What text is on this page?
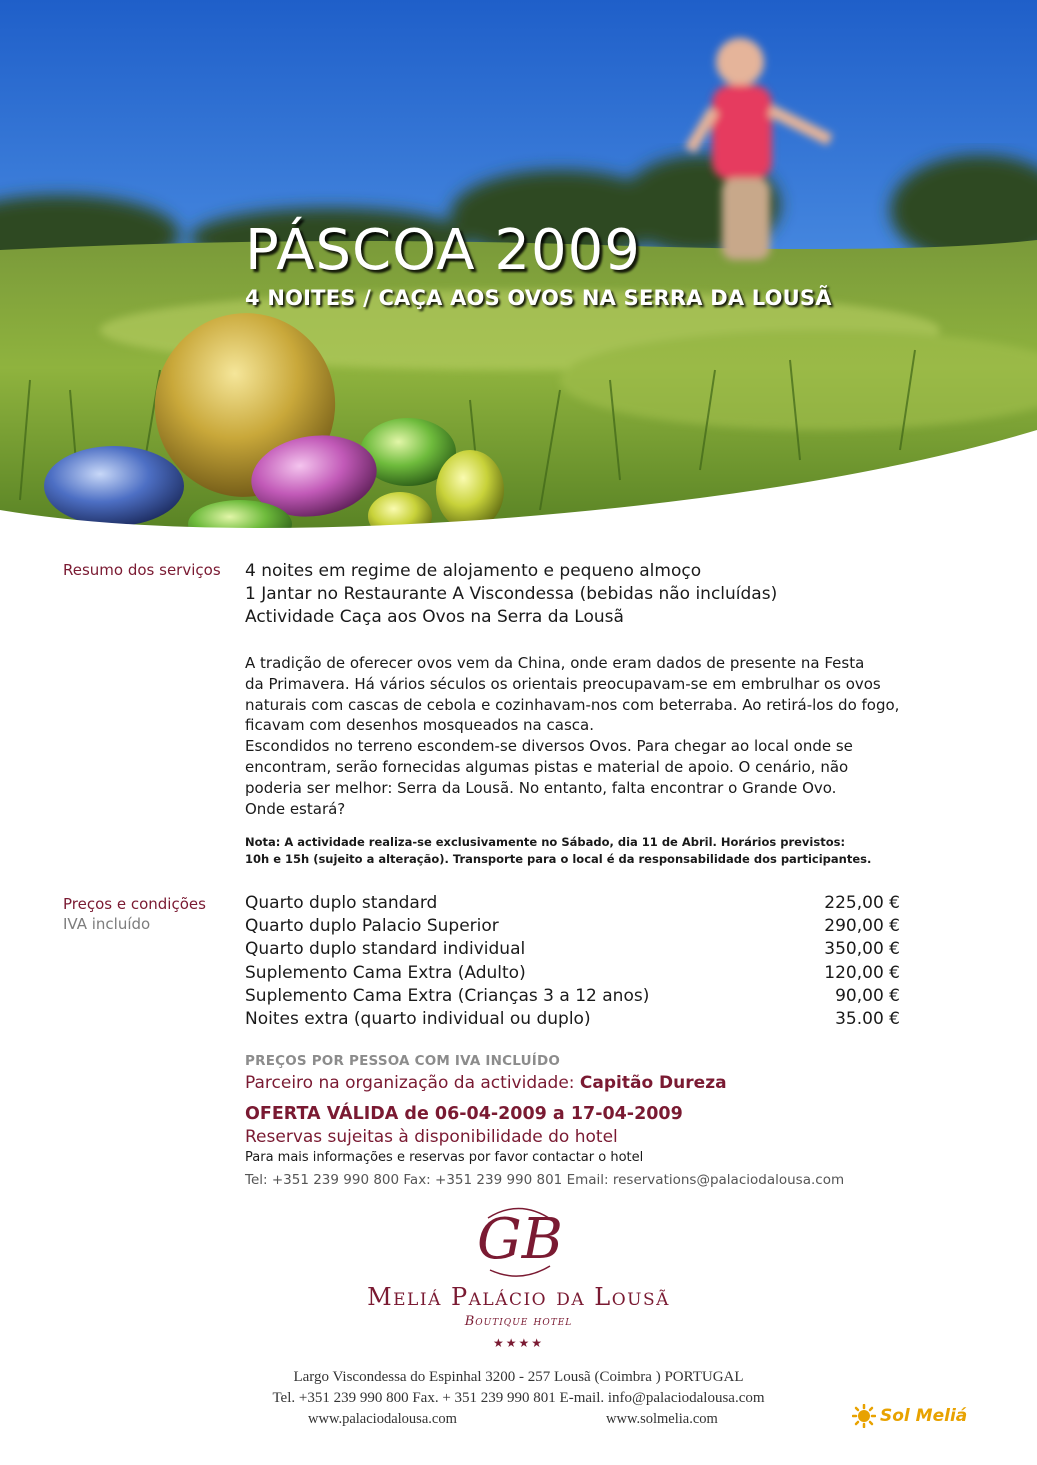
PÁSCOA 2009
4 NOITES / CAÇA AOS OVOS NA SERRA DA LOUSÃ
Resumo dos serviços 4 noites em regime de alojamento e pequeno almoço
1 Jantar no Restaurante A Viscondessa (bebidas não incluídas)
Actividade Caça aos Ovos na Serra da Lousã
A tradição de oferecer ovos vem da China, onde eram dados de presente na Festa
da Primavera. Há vários séculos os orientais preocupavam-se em embrulhar os ovos
naturais com cascas de cebola e cozinhavam-nos com beterraba. Ao retirá-los do fogo,
ficavam com desenhos mosqueados na casca.
Escondidos no terreno escondem-se diversos Ovos. Para chegar ao local onde se
encontram, serão fornecidas algumas pistas e material de apoio. O cenário, não
poderia ser melhor: Serra da Lousã. No entanto, falta encontrar o Grande Ovo.
Onde estará?
Nota: A actividade realiza-se exclusivamente no Sábado, dia 11 de Abril. Horários previstos:
10h e 15h (sujeito a alteração). Transporte para o local é da responsabilidade dos participantes.
Preços e condições
IVA incluído
Quarto duplo standard	225,00 €
Quarto duplo Palacio Superior	290,00 €
Quarto duplo standard individual	350,00 €
Suplemento Cama Extra (Adulto)	120,00 €
Suplemento Cama Extra (Crianças 3 a 12 anos)	90,00 €
Noites extra (quarto individual ou duplo)	35.00 €
PREÇOS POR PESSOA COM IVA INCLUÍDO
Parceiro na organização da actividade: Capitão Dureza
OFERTA VÁLIDA de 06-04-2009 a 17-04-2009
Reservas sujeitas à disponibilidade do hotel
Para mais informações e reservas por favor contactar o hotel
Tel: +351 239 990 800 Fax: +351 239 990 801 Email: reservations@palaciodalousa.com
GB
Meliá Palácio da Lousã
Boutique hotel
★★★★
Largo Viscondessa do Espinhal 3200 - 257 Lousã (Coimbra ) PORTUGAL
Tel. +351 239 990 800 Fax. + 351 239 990 801 E-mail. info@palaciodalousa.com
www.palaciodalousa.com	www.solmelia.com	Sol Meliá
